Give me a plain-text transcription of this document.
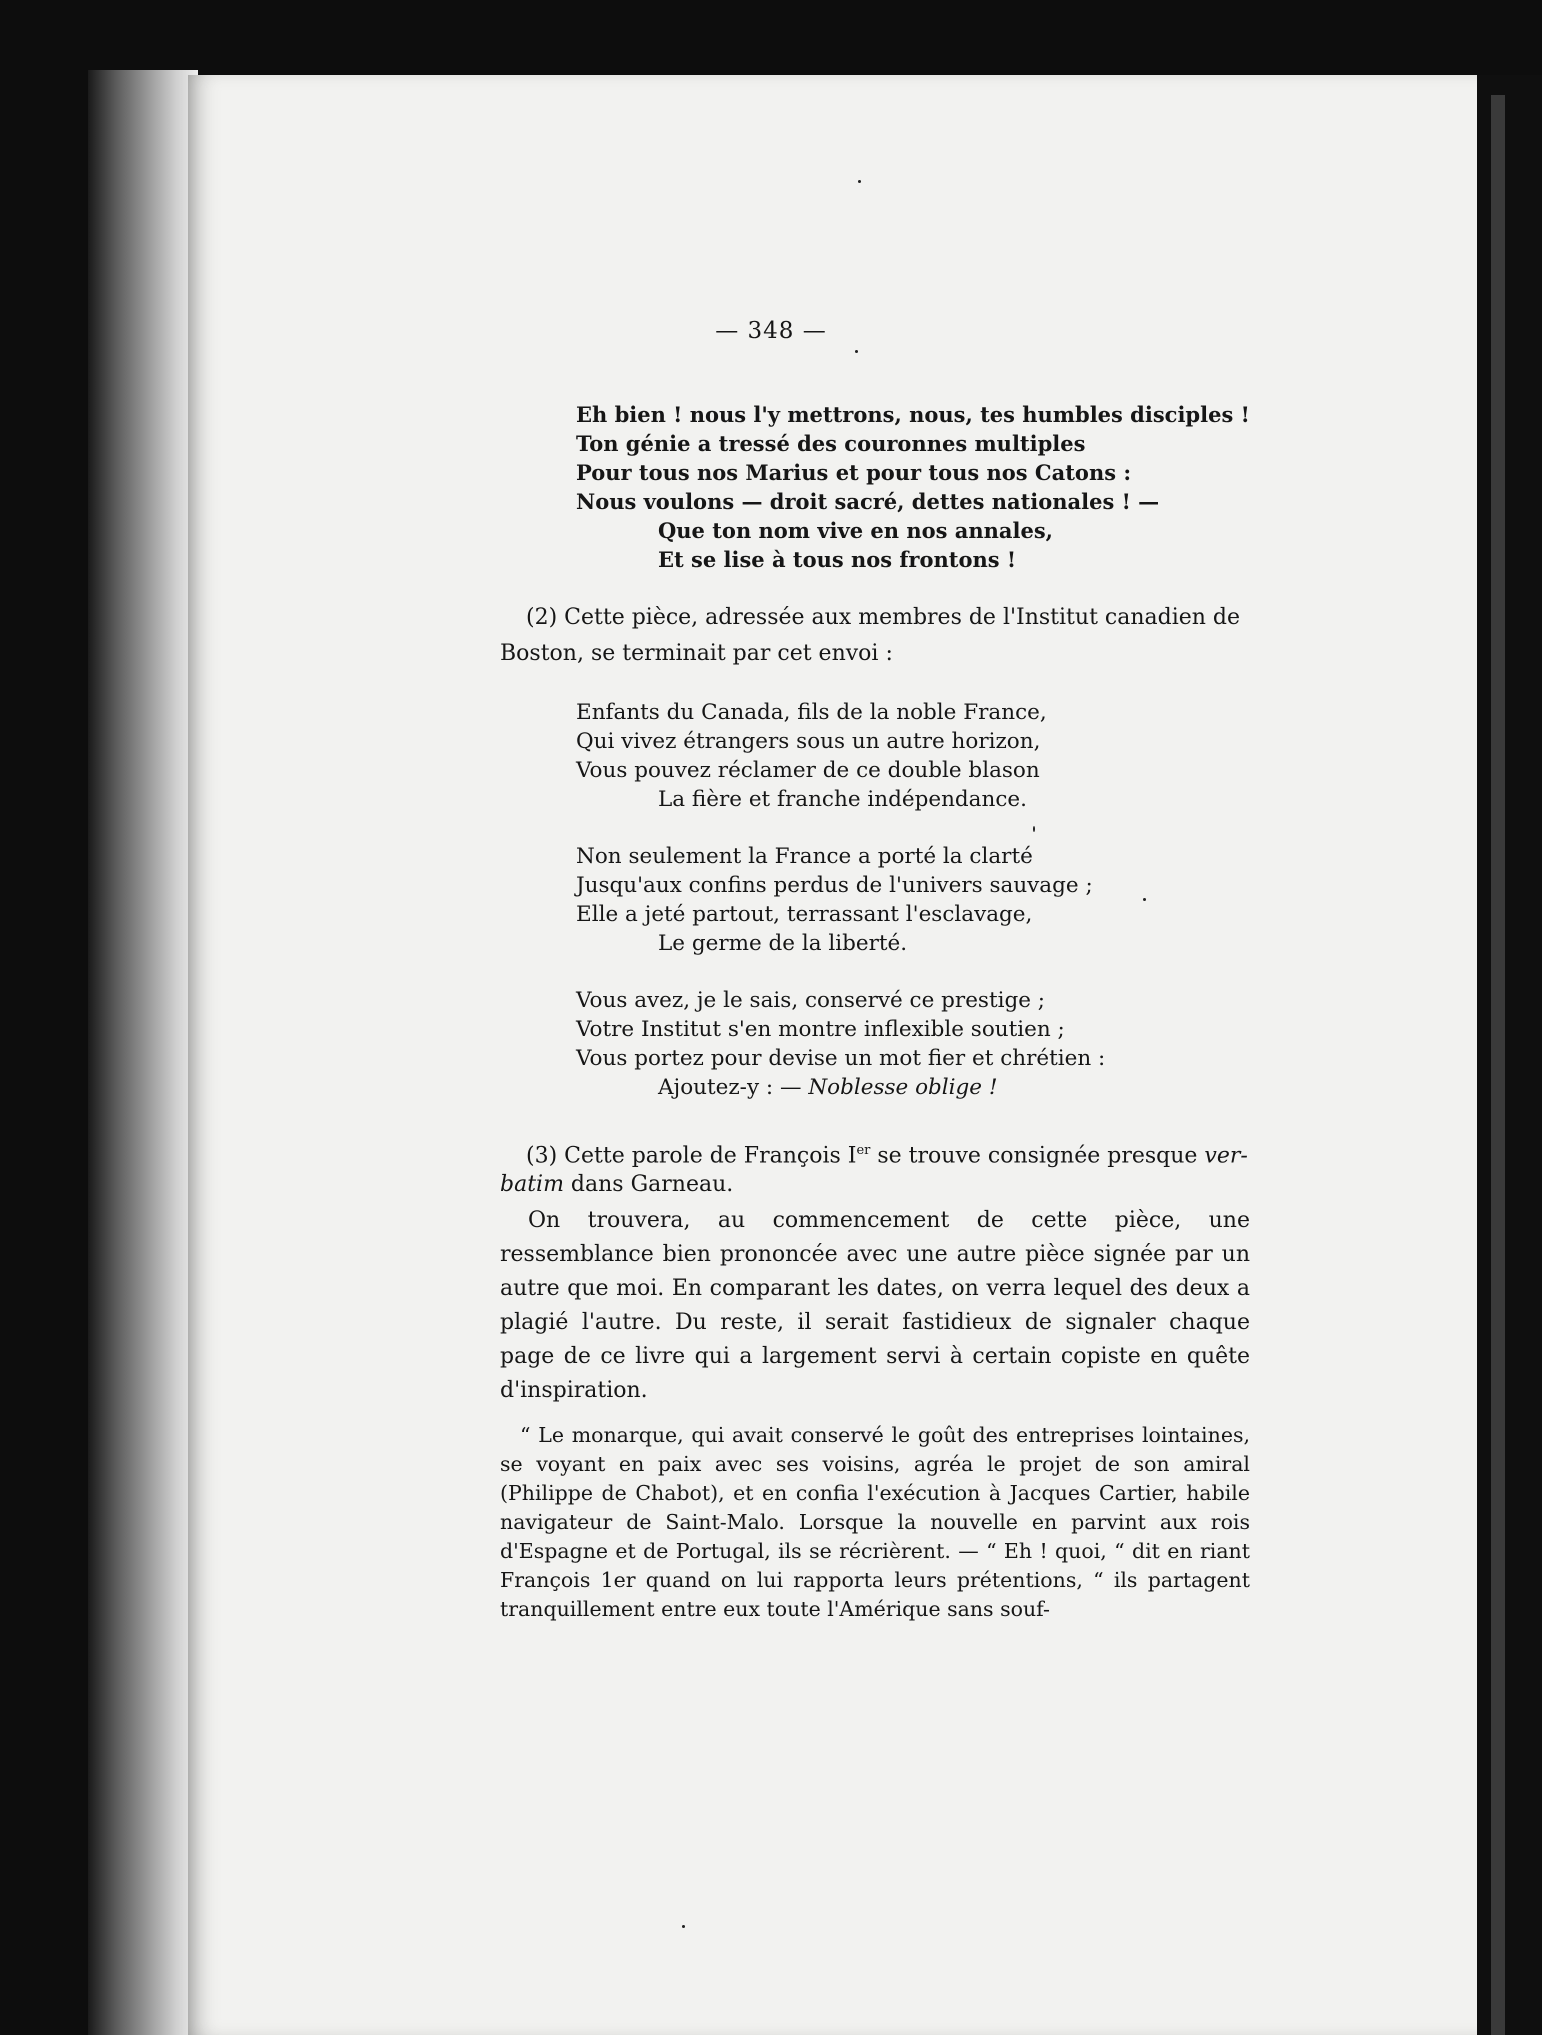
— 348 —
Eh bien ! nous l'y mettrons, nous, tes humbles disciples !
Ton génie a tressé des couronnes multiples
Pour tous nos Marius et pour tous nos Catons :
Nous voulons — droit sacré, dettes nationales ! —
Que ton nom vive en nos annales,
Et se lise à tous nos frontons !
(2) Cette pièce, adressée aux membres de l'Institut canadien de
Boston, se terminait par cet envoi :
Enfants du Canada, fils de la noble France,
Qui vivez étrangers sous un autre horizon,
Vous pouvez réclamer de ce double blason
La fière et franche indépendance.
Non seulement la France a porté la clarté
Jusqu'aux confins perdus de l'univers sauvage ;
Elle a jeté partout, terrassant l'esclavage,
Le germe de la liberté.
Vous avez, je le sais, conservé ce prestige ;
Votre Institut s'en montre inflexible soutien ;
Vous portez pour devise un mot fier et chrétien :
Ajoutez-y : — Noblesse oblige !
(3) Cette parole de François Ier se trouve consignée presque ver-
batim dans Garneau.
On trouvera, au commencement de cette pièce, une ressemblance bien prononcée avec une autre pièce signée par un autre que moi. En comparant les dates, on verra lequel des deux a plagié l'autre. Du reste, il serait fastidieux de signaler chaque page de ce livre qui a largement servi à certain copiste en quête d'inspiration.
“ Le monarque, qui avait conservé le goût des entreprises lointaines, se voyant en paix avec ses voisins, agréa le projet de son amiral (Philippe de Chabot), et en confia l'exécution à Jacques Cartier, habile navigateur de Saint-Malo. Lorsque la nouvelle en parvint aux rois d'Espagne et de Portugal, ils se récrièrent. — “ Eh ! quoi, “ dit en riant François 1er quand on lui rapporta leurs prétentions, “ ils partagent tranquillement entre eux toute l'Amérique sans souf-
